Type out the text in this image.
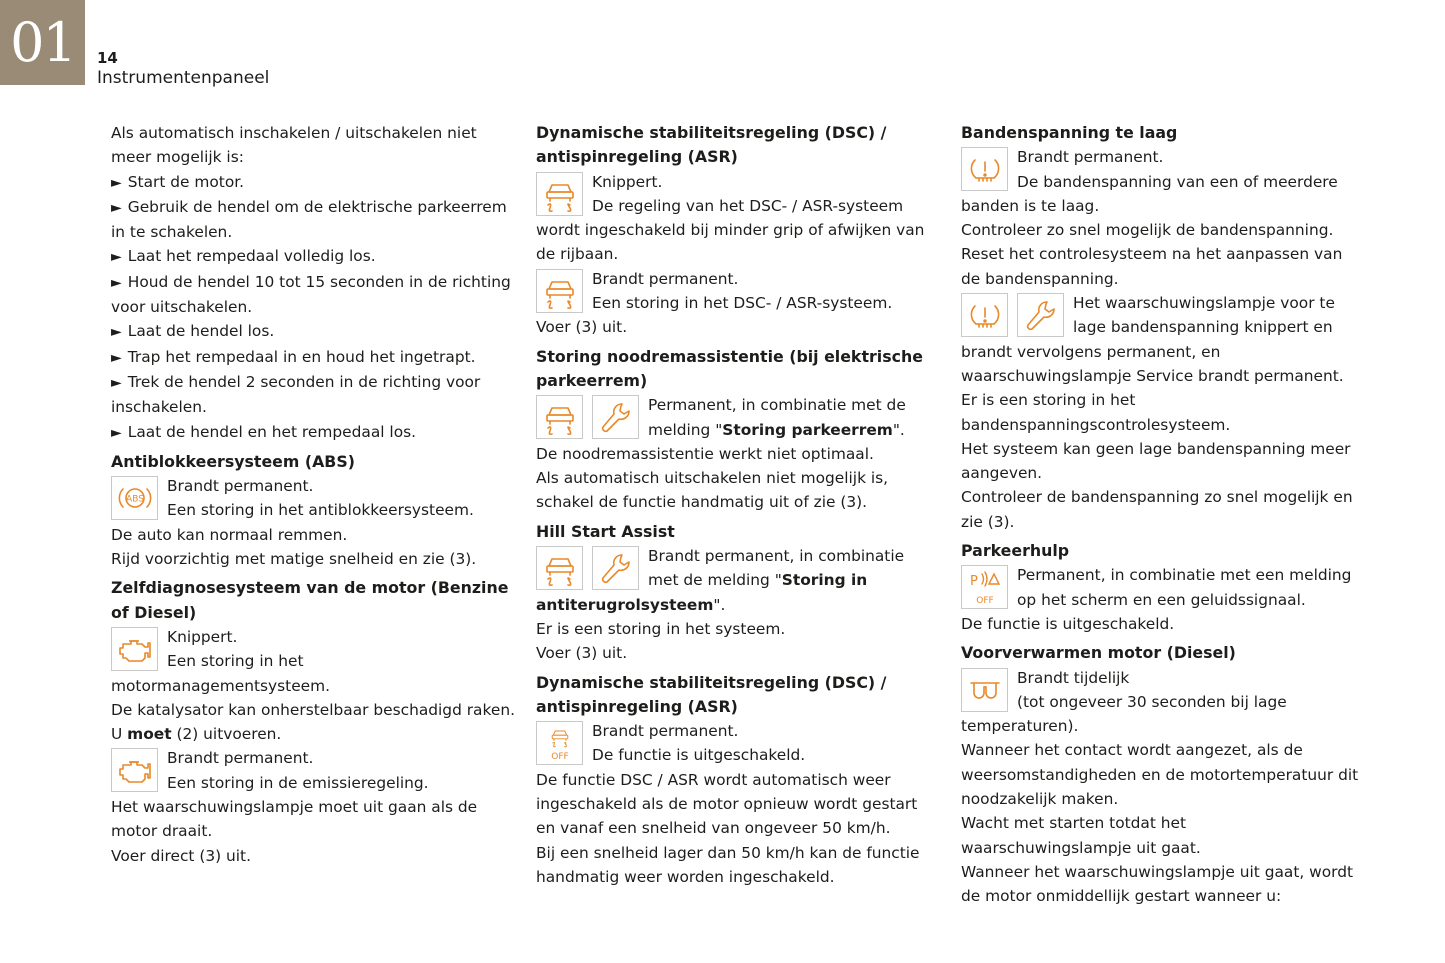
01	14
Instrumentenpaneel

Als automatisch inschakelen / uitschakelen niet meer mogelijk is:

► Start de motor.

► Gebruik de hendel om de elektrische parkeerrem in te schakelen.

► Laat het rempedaal volledig los.

► Houd de hendel 10 tot 15 seconden in de richting voor uitschakelen.

► Laat de hendel los.

► Trap het rempedaal in en houd het ingetrapt.

► Trek de hendel 2 seconden in de richting voor inschakelen.

► Laat de hendel en het rempedaal los.

Antiblokkeersysteem (ABS)
ABS

Brandt permanent.

Een storing in het antiblokkeersysteem.

De auto kan normaal remmen.

Rijd voorzichtig met matige snelheid en zie (3).

Zelfdiagnosesysteem van de motor (Benzine of Diesel)

Knippert.

Een storing in het motormanagementsysteem.

De katalysator kan onherstelbaar beschadigd raken.

U moet (2) uitvoeren.

Brandt permanent.

Een storing in de emissieregeling.

Het waarschuwingslampje moet uit gaan als de motor draait.

Voer direct (3) uit.

Dynamische stabiliteitsregeling (DSC) / antispinregeling (ASR)

Knippert.

De regeling van het DSC- / ASR-systeem wordt ingeschakeld bij minder grip of afwijken van de rijbaan.

Brandt permanent.

Een storing in het DSC- / ASR-systeem.

Voer (3) uit.

Storing noodremassistentie (bij elektrische parkeerrem)

Permanent, in combinatie met de melding "Storing parkeerrem".

De noodremassistentie werkt niet optimaal.

Als automatisch uitschakelen niet mogelijk is, schakel de functie handmatig uit of zie (3).

Hill Start Assist

Brandt permanent, in combinatie met de melding "Storing in antiterugrolsysteem".

Er is een storing in het systeem.

Voer (3) uit.

Dynamische stabiliteitsregeling (DSC) / antispinregeling (ASR)
OFF

Brandt permanent.

De functie is uitgeschakeld.

De functie DSC / ASR wordt automatisch weer ingeschakeld als de motor opnieuw wordt gestart en vanaf een snelheid van ongeveer 50 km/h.

Bij een snelheid lager dan 50 km/h kan de functie handmatig weer worden ingeschakeld.

Bandenspanning te laag

Brandt permanent.

De bandenspanning van een of meerdere banden is te laag.

Controleer zo snel mogelijk de bandenspanning.

Reset het controlesysteem na het aanpassen van de bandenspanning.

Het waarschuwingslampje voor te lage bandenspanning knippert en brandt vervolgens permanent, en waarschuwingslampje Service brandt permanent.

Er is een storing in het bandenspanningscontrolesysteem.

Het systeem kan geen lage bandenspanning meer aangeven.

Controleer de bandenspanning zo snel mogelijk en zie (3).

Parkeerhulp
P
OFF

Permanent, in combinatie met een melding op het scherm en een geluidssignaal.

De functie is uitgeschakeld.

Voorverwarmen motor (Diesel)

Brandt tijdelijk

(tot ongeveer 30 seconden bij lage temperaturen).

Wanneer het contact wordt aangezet, als de weersomstandigheden en de motortemperatuur dit noodzakelijk maken.

Wacht met starten totdat het waarschuwingslampje uit gaat.

Wanneer het waarschuwingslampje uit gaat, wordt de motor onmiddellijk gestart wanneer u:
